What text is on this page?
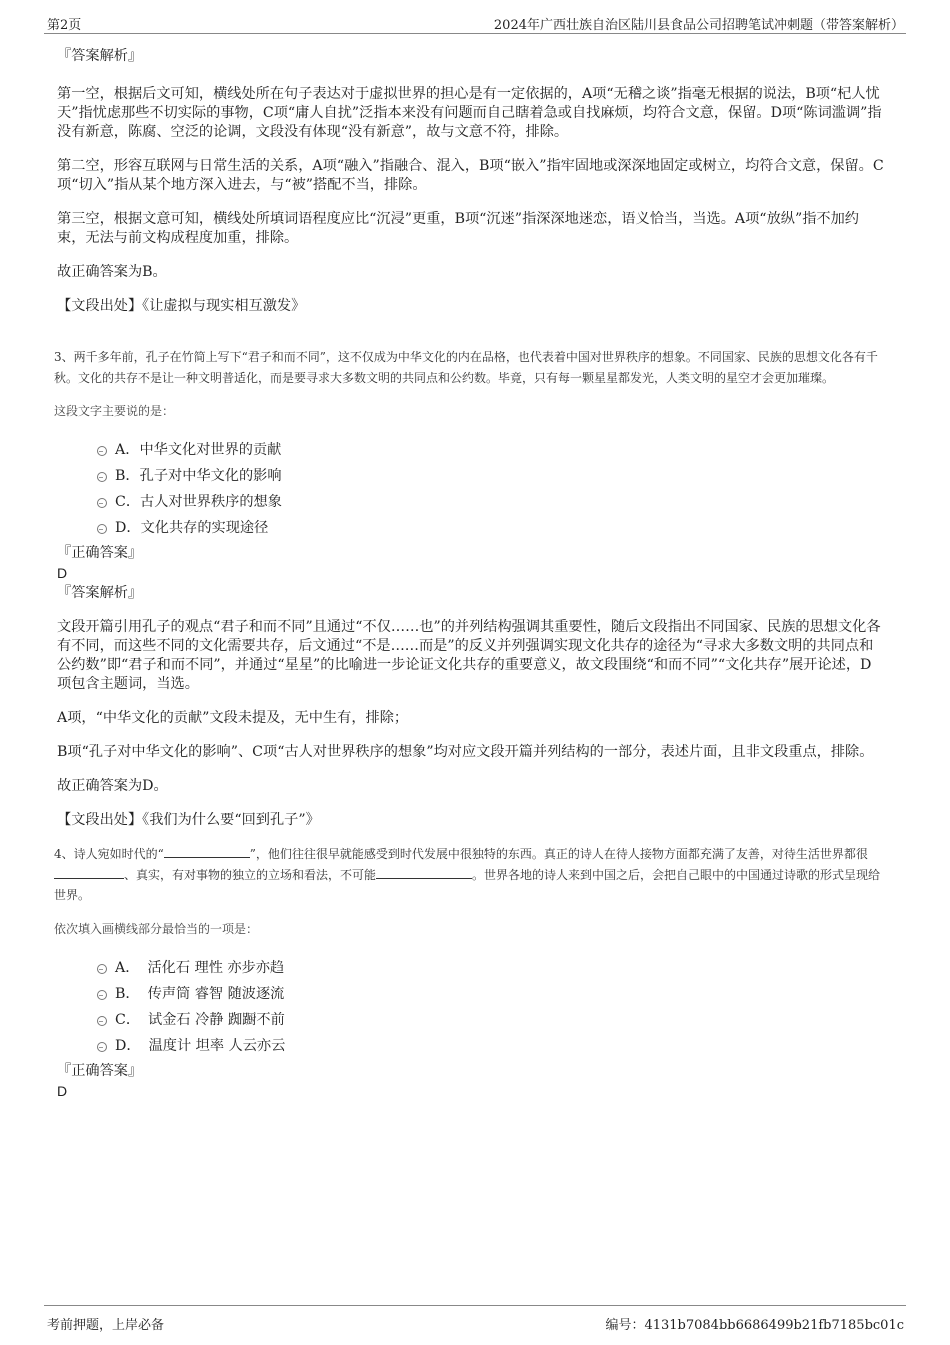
第2页	2024年广西壮族自治区陆川县食品公司招聘笔试冲刺题（带答案解析）

『答案解析』

第一空，根据后文可知，横线处所在句子表达对于虚拟世界的担心是有一定依据的，A项“无稽之谈”指毫无根据的说法，B项“杞人忧天”指忧虑那些不切实际的事物，C项“庸人自扰”泛指本来没有问题而自己瞎着急或自找麻烦，均符合文意，保留。D项“陈词滥调”指没有新意，陈腐、空泛的论调，文段没有体现“没有新意”，故与文意不符，排除。

第二空，形容互联网与日常生活的关系，A项“融入”指融合、混入，B项“嵌入”指牢固地或深深地固定或树立，均符合文意，保留。C项“切入”指从某个地方深入进去，与“被”搭配不当，排除。

第三空，根据文意可知，横线处所填词语程度应比“沉浸”更重，B项“沉迷”指深深地迷恋，语义恰当，当选。A项“放纵”指不加约束，无法与前文构成程度加重，排除。

故正确答案为B。

【文段出处】《让虚拟与现实相互激发》

3、两千多年前，孔子在竹简上写下“君子和而不同”，这不仅成为中华文化的内在品格，也代表着中国对世界秩序的想象。不同国家、民族的思想文化各有千秋。文化的共存不是让一种文明普适化，而是要寻求大多数文明的共同点和公约数。毕竟，只有每一颗星星都发光，人类文明的星空才会更加璀璨。

这段文字主要说的是：

A．中华文化对世界的贡献
B．孔子对中华文化的影响
C．古人对世界秩序的想象
D．文化共存的实现途径

『正确答案』

D

『答案解析』

文段开篇引用孔子的观点“君子和而不同”且通过“不仅……也”的并列结构强调其重要性，随后文段指出不同国家、民族的思想文化各有不同，而这些不同的文化需要共存，后文通过“不是……而是”的反义并列强调实现文化共存的途径为“寻求大多数文明的共同点和公约数”即“君子和而不同”，并通过“星星”的比喻进一步论证文化共存的重要意义，故文段围绕“和而不同”“文化共存”展开论述，D项包含主题词，当选。

A项，“中华文化的贡献”文段未提及，无中生有，排除；

B项“孔子对中华文化的影响”、C项“古人对世界秩序的想象”均对应文段开篇并列结构的一部分，表述片面，且非文段重点，排除。

故正确答案为D。

【文段出处】《我们为什么要“回到孔子”》

4、诗人宛如时代的“	”，他们往往很早就能感受到时代发展中很独特的东西。真正的诗人在待人接物方面都充满了友善，对待生活世界都很、真实，有对事物的独立的立场和看法，不可能	。世界各地的诗人来到中国之后，会把自己眼中的中国通过诗歌的形式呈现给世界。

依次填入画横线部分最恰当的一项是：

A． 活化石 理性 亦步亦趋
B． 传声筒 睿智 随波逐流
C． 试金石 冷静 踟蹰不前
D． 温度计 坦率 人云亦云

『正确答案』

D

考前押题，上岸必备	编号：4131b7084bb6686499b21fb7185bc01c
